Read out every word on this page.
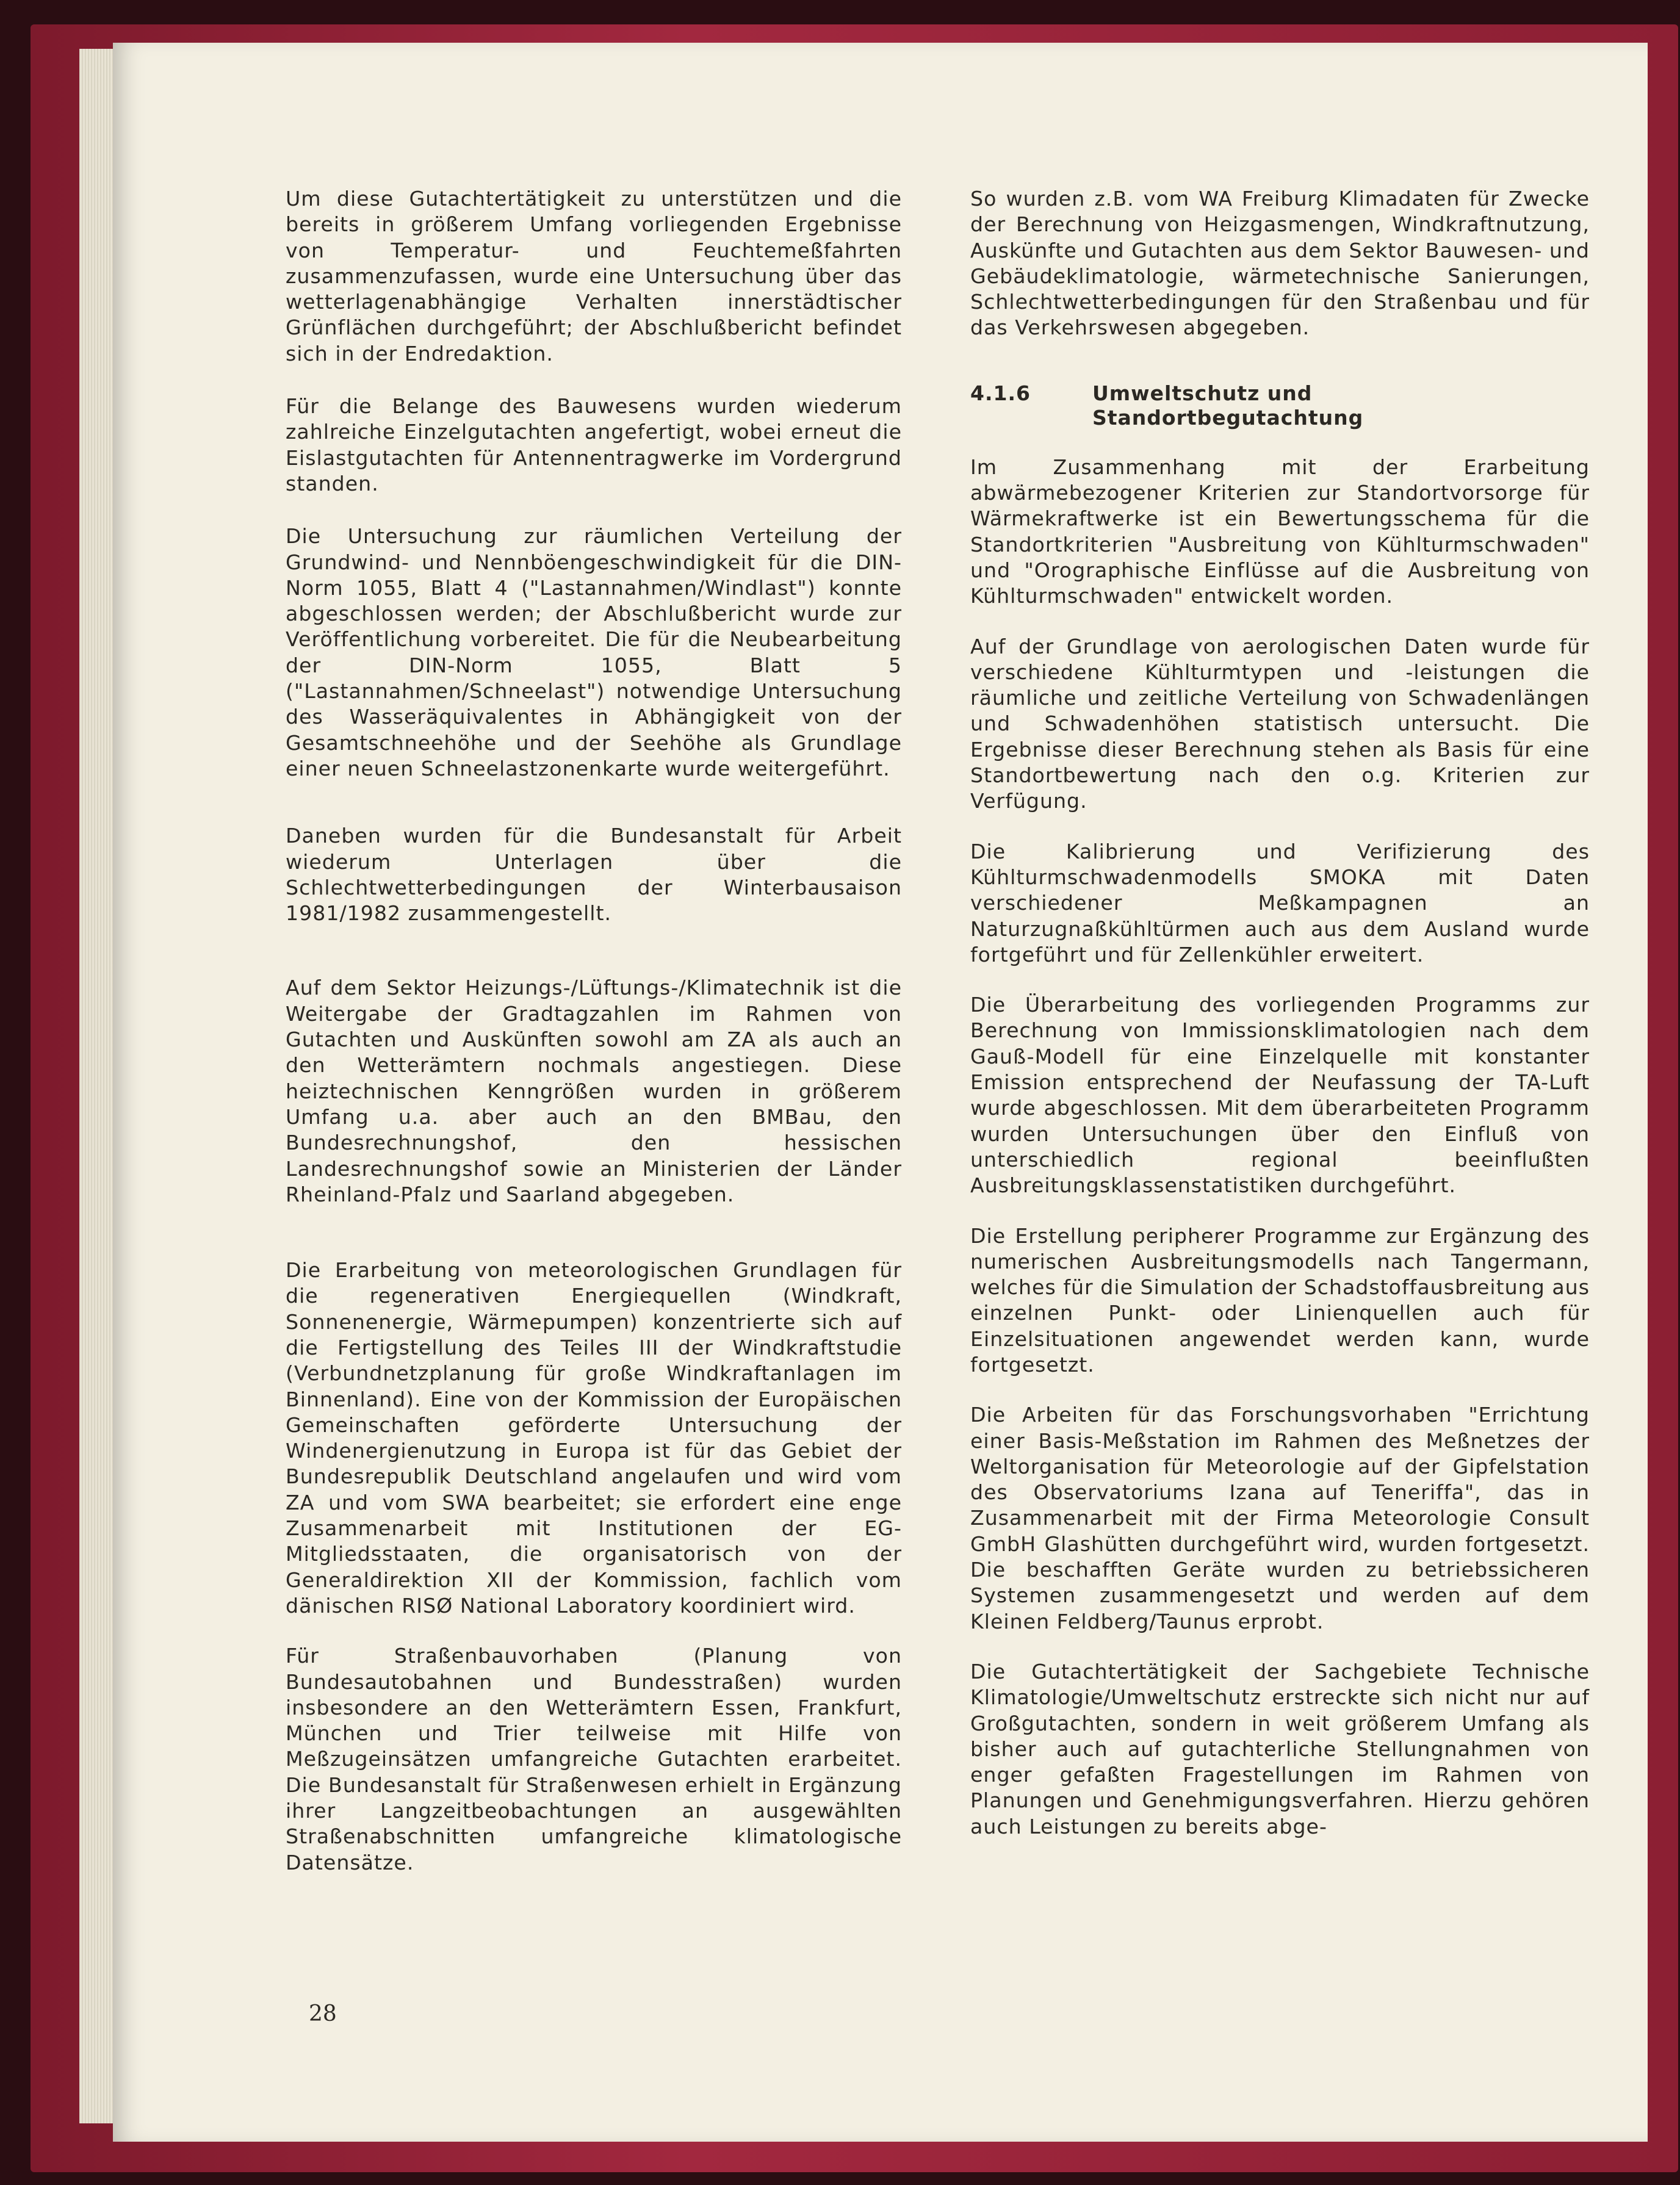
Um diese Gutachtertätigkeit zu unterstützen und die bereits in größerem Umfang vorliegenden Ergebnisse von Temperatur- und Feuchtemeßfahrten zusammenzufassen, wurde eine Untersuchung über das wetterlagenabhängige Verhalten innerstädtischer Grünflächen durchgeführt; der Abschlußbericht befindet sich in der Endredaktion.

Für die Belange des Bauwesens wurden wiederum zahlreiche Einzelgutachten angefertigt, wobei erneut die Eislastgutachten für Antennentragwerke im Vordergrund standen.

Die Untersuchung zur räumlichen Verteilung der Grundwind- und Nennböengeschwindigkeit für die DIN-Norm 1055, Blatt 4 ("Lastannahmen/Windlast") konnte abgeschlossen werden; der Abschlußbericht wurde zur Veröffentlichung vorbereitet. Die für die Neubearbeitung der DIN-Norm 1055, Blatt 5 ("Lastannahmen/Schneelast") notwendige Untersuchung des Wasseräquivalentes in Abhängigkeit von der Gesamtschneehöhe und der Seehöhe als Grundlage einer neuen Schneelastzonenkarte wurde weitergeführt.

Daneben wurden für die Bundesanstalt für Arbeit wiederum Unterlagen über die Schlechtwetterbedingungen der Winterbausaison 1981/1982 zusammengestellt.

Auf dem Sektor Heizungs-/Lüftungs-/Klimatechnik ist die Weitergabe der Gradtagzahlen im Rahmen von Gutachten und Auskünften sowohl am ZA als auch an den Wetterämtern nochmals angestiegen. Diese heiztechnischen Kenngrößen wurden in größerem Umfang u.a. aber auch an den BMBau, den Bundesrechnungshof, den hessischen Landesrechnungshof sowie an Ministerien der Länder Rheinland-Pfalz und Saarland abgegeben.

Die Erarbeitung von meteorologischen Grundlagen für die regenerativen Energiequellen (Windkraft, Sonnenenergie, Wärmepumpen) konzentrierte sich auf die Fertigstellung des Teiles III der Windkraftstudie (Verbundnetzplanung für große Windkraftanlagen im Binnenland). Eine von der Kommission der Europäischen Gemeinschaften geförderte Untersuchung der Windenergienutzung in Europa ist für das Gebiet der Bundesrepublik Deutschland angelaufen und wird vom ZA und vom SWA bearbeitet; sie erfordert eine enge Zusammenarbeit mit Institutionen der EG-Mitgliedsstaaten, die organisatorisch von der Generaldirektion XII der Kommission, fachlich vom dänischen RISØ National Laboratory koordiniert wird.

Für Straßenbauvorhaben (Planung von Bundesautobahnen und Bundesstraßen) wurden insbesondere an den Wetterämtern Essen, Frankfurt, München und Trier teilweise mit Hilfe von Meßzugeinsätzen umfangreiche Gutachten erarbeitet. Die Bundesanstalt für Straßenwesen erhielt in Ergänzung ihrer Langzeitbeobachtungen an ausgewählten Straßenabschnitten umfangreiche klimatologische Datensätze.

So wurden z.B. vom WA Freiburg Klimadaten für Zwecke der Berechnung von Heizgasmengen, Windkraftnutzung, Auskünfte und Gutachten aus dem Sektor Bauwesen- und Gebäudeklimatologie, wärmetechnische Sanierungen, Schlechtwetterbedingungen für den Straßenbau und für das Verkehrswesen abgegeben.

4.1.6	Umweltschutz und
Standortbegutachtung

Im Zusammenhang mit der Erarbeitung abwärmebezogener Kriterien zur Standortvorsorge für Wärmekraftwerke ist ein Bewertungsschema für die Standortkriterien "Ausbreitung von Kühlturmschwaden" und "Orographische Einflüsse auf die Ausbreitung von Kühlturmschwaden" entwickelt worden.

Auf der Grundlage von aerologischen Daten wurde für verschiedene Kühlturmtypen und -leistungen die räumliche und zeitliche Verteilung von Schwadenlängen und Schwadenhöhen statistisch untersucht. Die Ergebnisse dieser Berechnung stehen als Basis für eine Standortbewertung nach den o.g. Kriterien zur Verfügung.

Die Kalibrierung und Verifizierung des Kühlturmschwadenmodells SMOKA mit Daten verschiedener Meßkampagnen an Naturzugnaßkühltürmen auch aus dem Ausland wurde fortgeführt und für Zellenkühler erweitert.

Die Überarbeitung des vorliegenden Programms zur Berechnung von Immissionsklimatologien nach dem Gauß-Modell für eine Einzelquelle mit konstanter Emission entsprechend der Neufassung der TA-Luft wurde abgeschlossen. Mit dem überarbeiteten Programm wurden Untersuchungen über den Einfluß von unterschiedlich regional beeinflußten Ausbreitungsklassenstatistiken durchgeführt.

Die Erstellung peripherer Programme zur Ergänzung des numerischen Ausbreitungsmodells nach Tangermann, welches für die Simulation der Schadstoffausbreitung aus einzelnen Punkt- oder Linienquellen auch für Einzelsituationen angewendet werden kann, wurde fortgesetzt.

Die Arbeiten für das Forschungsvorhaben "Errichtung einer Basis-Meßstation im Rahmen des Meßnetzes der Weltorganisation für Meteorologie auf der Gipfelstation des Observatoriums Izana auf Teneriffa", das in Zusammenarbeit mit der Firma Meteorologie Consult GmbH Glashütten durchgeführt wird, wurden fortgesetzt. Die beschafften Geräte wurden zu betriebssicheren Systemen zusammengesetzt und werden auf dem Kleinen Feldberg/Taunus erprobt.

Die Gutachtertätigkeit der Sachgebiete Technische Klimatologie/Umweltschutz erstreckte sich nicht nur auf Großgutachten, sondern in weit größerem Umfang als bisher auch auf gutachterliche Stellungnahmen von enger gefaßten Fragestellungen im Rahmen von Planungen und Genehmigungsverfahren. Hierzu gehören auch Leistungen zu bereits abge-

28
